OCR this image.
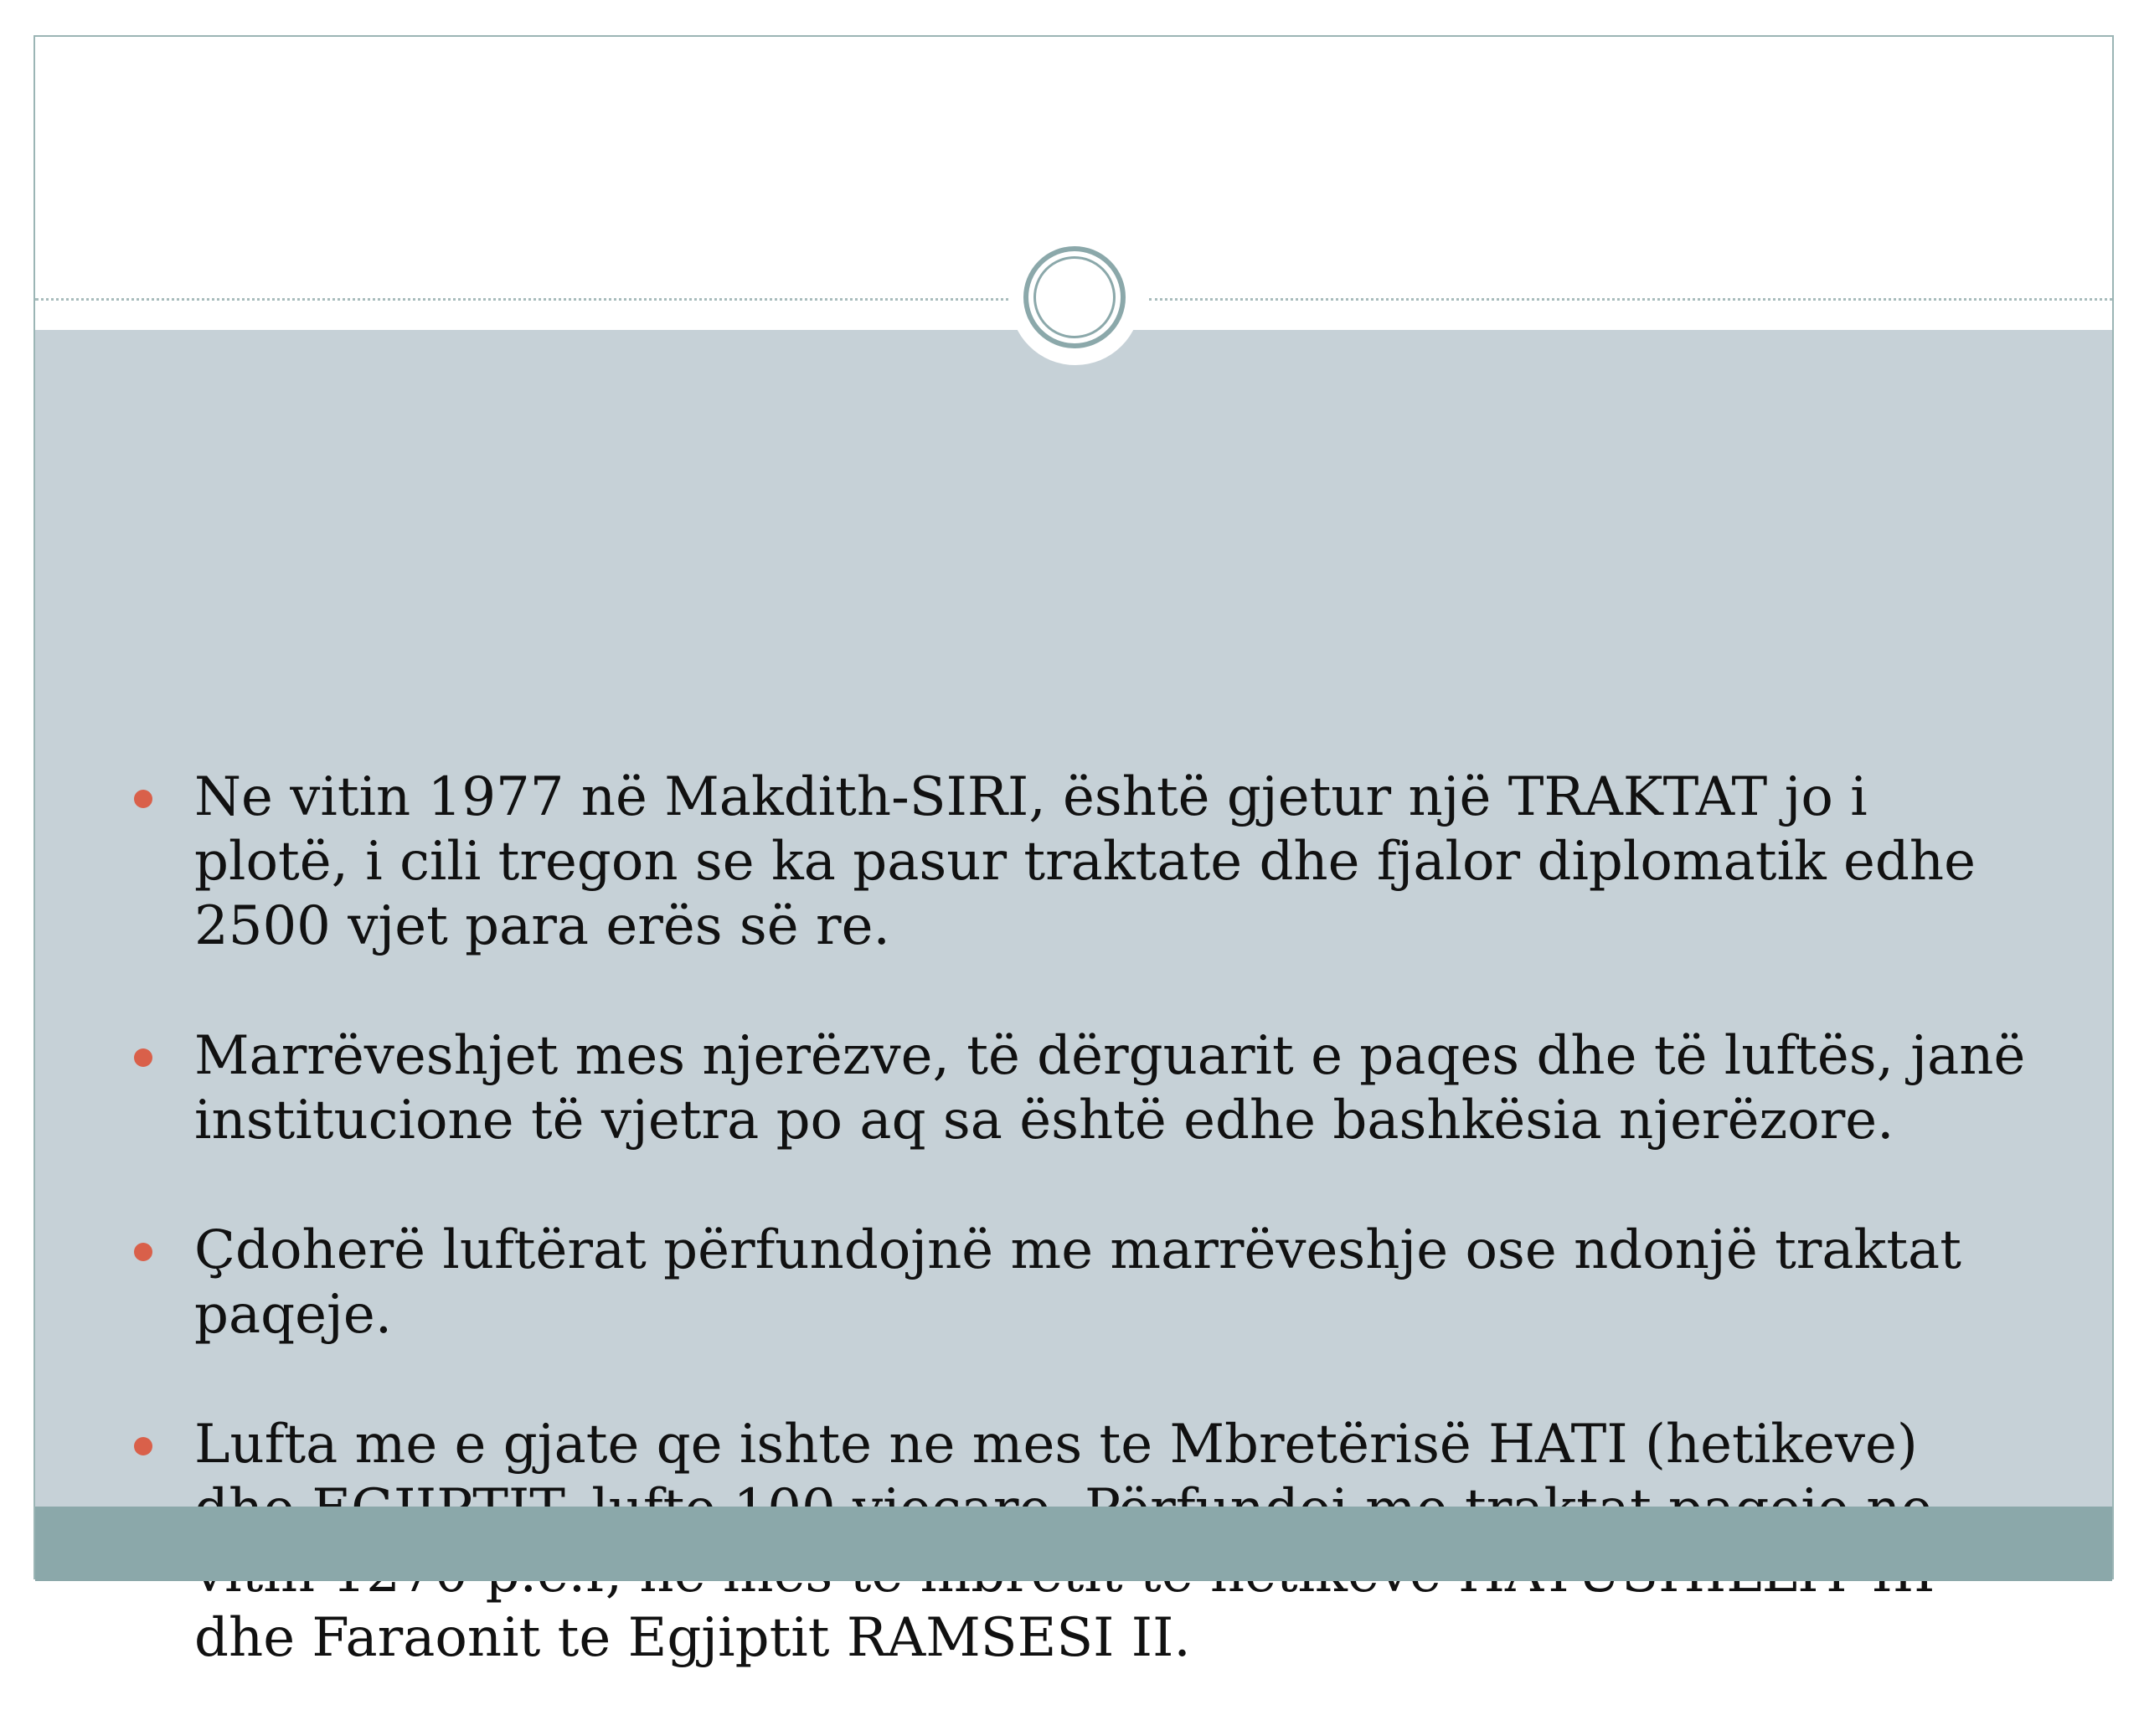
Ne vitin 1977 në Makdith-SIRI, është gjetur një TRAKTAT jo i plotë, i cili tregon se ka pasur traktate dhe fjalor diplomatik edhe 2500 vjet para erës së re.
Marrëveshjet mes njerëzve, të dërguarit e paqes dhe të luftës, janë institucione të vjetra po aq sa është edhe bashkësia njerëzore.
Çdoherë luftërat përfundojnë me marrëveshje ose ndonjë traktat paqeje.
Lufta me e gjate qe ishte ne mes te Mbretërisë HATI (hetikeve) dhe Faraonit te Egjiptit RAMSESI II.
